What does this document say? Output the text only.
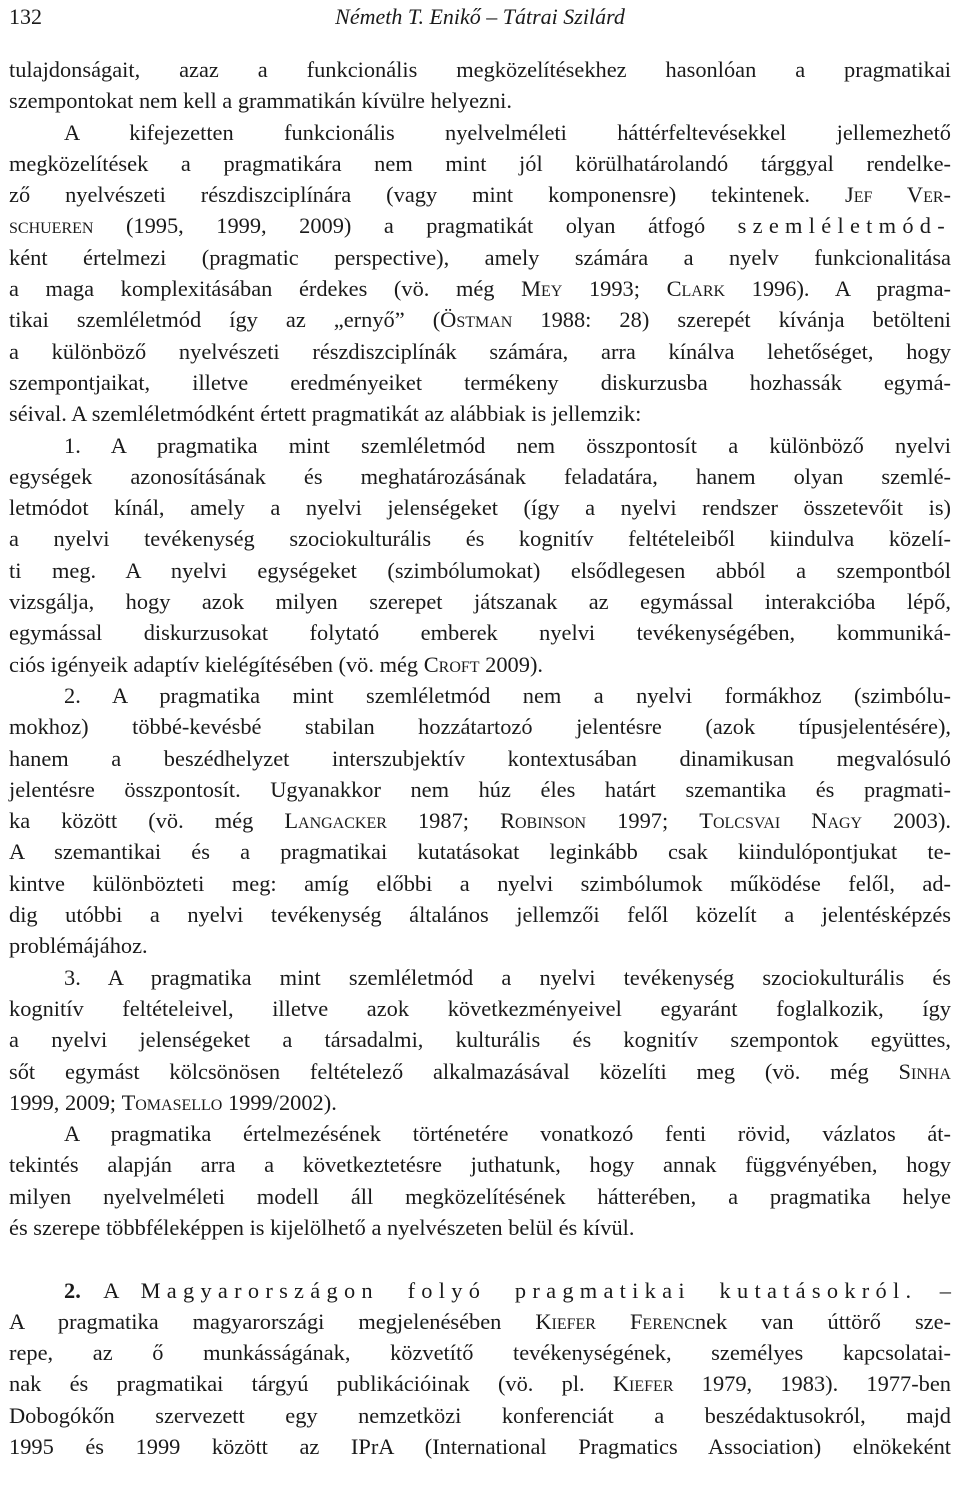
132	Németh T. Enikő – Tátrai Szilárd
tulajdonságait, azaz a funkcionális megközelítésekhez hasonlóan a pragmatikai
szempontokat nem kell a grammatikán kívülre helyezni.
A kifejezetten funkcionális nyelvelméleti háttérfeltevésekkel jellemezhető
megközelítések a pragmatikára nem mint jól körülhatárolandó tárggyal rendelke-
ző nyelvészeti részdiszciplínára (vagy mint komponensre) tekintenek. Jef Ver-
schueren (1995, 1999, 2009) a pragmatikát olyan átfogó szemléletmód-
ként értelmezi (pragmatic perspective), amely számára a nyelv funkcionalitása
a maga komplexitásában érdekes (vö. még Mey 1993; Clark 1996). A pragma-
tikai szemléletmód így az „ernyő” (Östman 1988: 28) szerepét kívánja betölteni
a különböző nyelvészeti részdiszciplínák számára, arra kínálva lehetőséget, hogy
szempontjaikat, illetve eredményeiket termékeny diskurzusba hozhassák egymá-
séival. A szemléletmódként értett pragmatikát az alábbiak is jellemzik:
1. A pragmatika mint szemléletmód nem összpontosít a különböző nyelvi
egységek azonosításának és meghatározásának feladatára, hanem olyan szemlé-
letmódot kínál, amely a nyelvi jelenségeket (így a nyelvi rendszer összetevőit is)
a nyelvi tevékenység szociokulturális és kognitív feltételeiből kiindulva közelí-
ti meg. A nyelvi egységeket (szimbólumokat) elsődlegesen abból a szempontból
vizsgálja, hogy azok milyen szerepet játszanak az egymással interakcióba lépő,
egymással diskurzusokat folytató emberek nyelvi tevékenységében, kommuniká-
ciós igényeik adaptív kielégítésében (vö. még Croft 2009).
2. A pragmatika mint szemléletmód nem a nyelvi formákhoz (szimbólu-
mokhoz) többé-kevésbé stabilan hozzátartozó jelentésre (azok típusjelentésére),
hanem a beszédhelyzet interszubjektív kontextusában dinamikusan megvalósuló
jelentésre összpontosít. Ugyanakkor nem húz éles határt szemantika és pragmati-
ka között (vö. még Langacker 1987; Robinson 1997; Tolcsvai Nagy 2003).
A szemantikai és a pragmatikai kutatásokat leginkább csak kiindulópontjukat te-
kintve különbözteti meg: amíg előbbi a nyelvi szimbólumok működése felől, ad-
dig utóbbi a nyelvi tevékenység általános jellemzői felől közelít a jelentésképzés
problémájához.
3. A pragmatika mint szemléletmód a nyelvi tevékenység szociokulturális és
kognitív feltételeivel, illetve azok következményeivel egyaránt foglalkozik, így
a nyelvi jelenségeket a társadalmi, kulturális és kognitív szempontok együttes,
sőt egymást kölcsönösen feltételező alkalmazásával közelíti meg (vö. még Sinha
1999, 2009; Tomasello 1999/2002).
A pragmatika értelmezésének történetére vonatkozó fenti rövid, vázlatos át-
tekintés alapján arra a következtetésre juthatunk, hogy annak függvényében, hogy
milyen nyelvelméleti modell áll megközelítésének hátterében, a pragmatika helye
és szerepe többféleképpen is kijelölhető a nyelvészeten belül és kívül.
2. A Magyarországon folyó pragmatikai kutatásokról. –
A pragmatika magyarországi megjelenésében Kiefer Ferencnek van úttörő sze-
repe, az ő munkásságának, közvetítő tevékenységének, személyes kapcsolatai-
nak és pragmatikai tárgyú publikációinak (vö. pl. Kiefer 1979, 1983). 1977-ben
Dobogókőn szervezett egy nemzetközi konferenciát a beszédaktusokról, majd
1995 és 1999 között az IPrA (International Pragmatics Association) elnökeként
